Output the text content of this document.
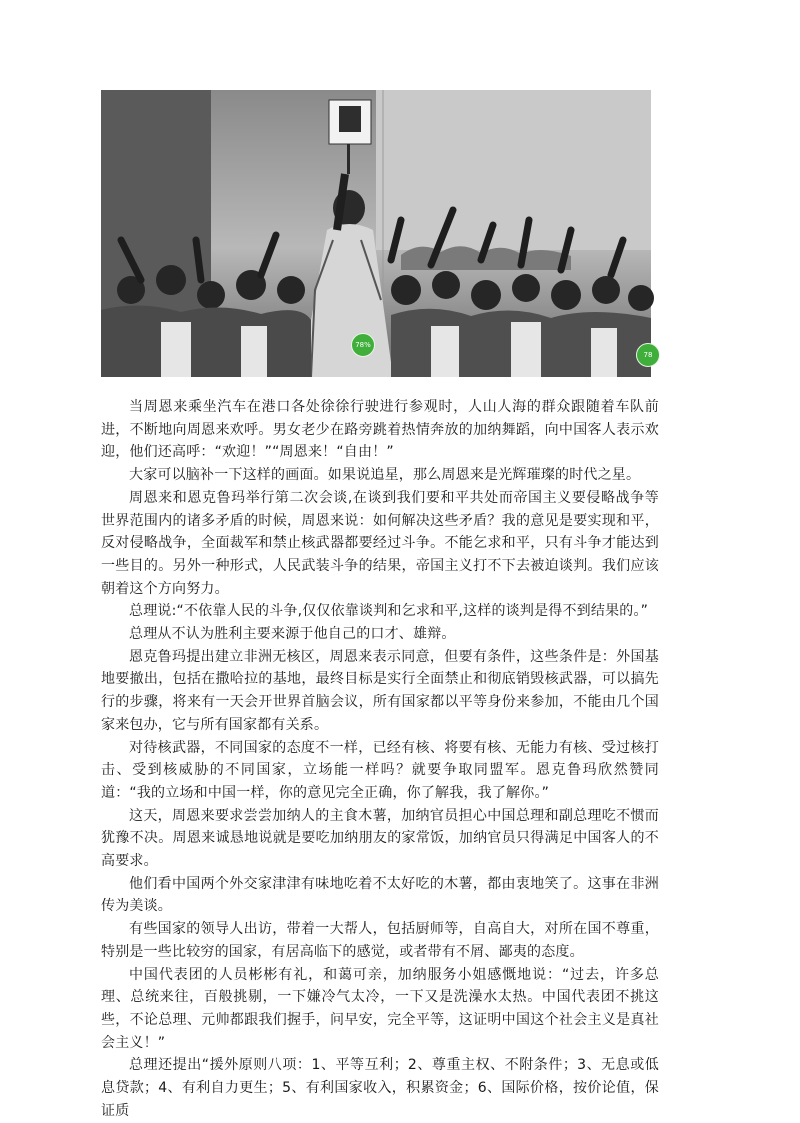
78%
78

当周恩来乘坐汽车在港口各处徐徐行驶进行参观时，人山人海的群众跟随着车队前进，不断地向周恩来欢呼。男女老少在路旁跳着热情奔放的加纳舞蹈，向中国客人表示欢迎，他们还高呼：“欢迎！”“周恩来！“自由！”

大家可以脑补一下这样的画面。如果说追星，那么周恩来是光辉璀璨的时代之星。

周恩来和恩克鲁玛举行第二次会谈,在谈到我们要和平共处而帝国主义要侵略战争等世界范围内的诸多矛盾的时候，周恩来说：如何解决这些矛盾？我的意见是要实现和平，反对侵略战争，全面裁军和禁止核武器都要经过斗争。不能乞求和平，只有斗争才能达到一些目的。另外一种形式，人民武装斗争的结果，帝国主义打不下去被迫谈判。我们应该朝着这个方向努力。

总理说:“不依靠人民的斗争,仅仅依靠谈判和乞求和平,这样的谈判是得不到结果的。”

总理从不认为胜利主要来源于他自己的口才、雄辩。

恩克鲁玛提出建立非洲无核区，周恩来表示同意，但要有条件，这些条件是：外国基地要撤出，包括在撒哈拉的基地，最终目标是实行全面禁止和彻底销毁核武器，可以搞先行的步骤，将来有一天会开世界首脑会议，所有国家都以平等身份来参加，不能由几个国家来包办，它与所有国家都有关系。

对待核武器，不同国家的态度不一样，已经有核、将要有核、无能力有核、受过核打击、受到核威胁的不同国家，立场能一样吗？就要争取同盟军。恩克鲁玛欣然赞同道：“我的立场和中国一样，你的意见完全正确，你了解我，我了解你。”

这天，周恩来要求尝尝加纳人的主食木薯，加纳官员担心中国总理和副总理吃不惯而犹豫不决。周恩来诚恳地说就是要吃加纳朋友的家常饭，加纳官员只得满足中国客人的不高要求。

他们看中国两个外交家津津有味地吃着不太好吃的木薯，都由衷地笑了。这事在非洲传为美谈。

有些国家的领导人出访，带着一大帮人，包括厨师等，自高自大，对所在国不尊重，特别是一些比较穷的国家，有居高临下的感觉，或者带有不屑、鄙夷的态度。

中国代表团的人员彬彬有礼，和蔼可亲，加纳服务小姐感慨地说：“过去，许多总理、总统来往，百般挑剔，一下嫌冷气太冷，一下又是洗澡水太热。中国代表团不挑这些，不论总理、元帅都跟我们握手，问早安，完全平等，这证明中国这个社会主义是真社会主义！”

总理还提出“援外原则八项：1、平等互利；2、尊重主权、不附条件；3、无息或低息贷款；4、有利自力更生；5、有利国家收入，积累资金；6、国际价格，按价论值，保证质
